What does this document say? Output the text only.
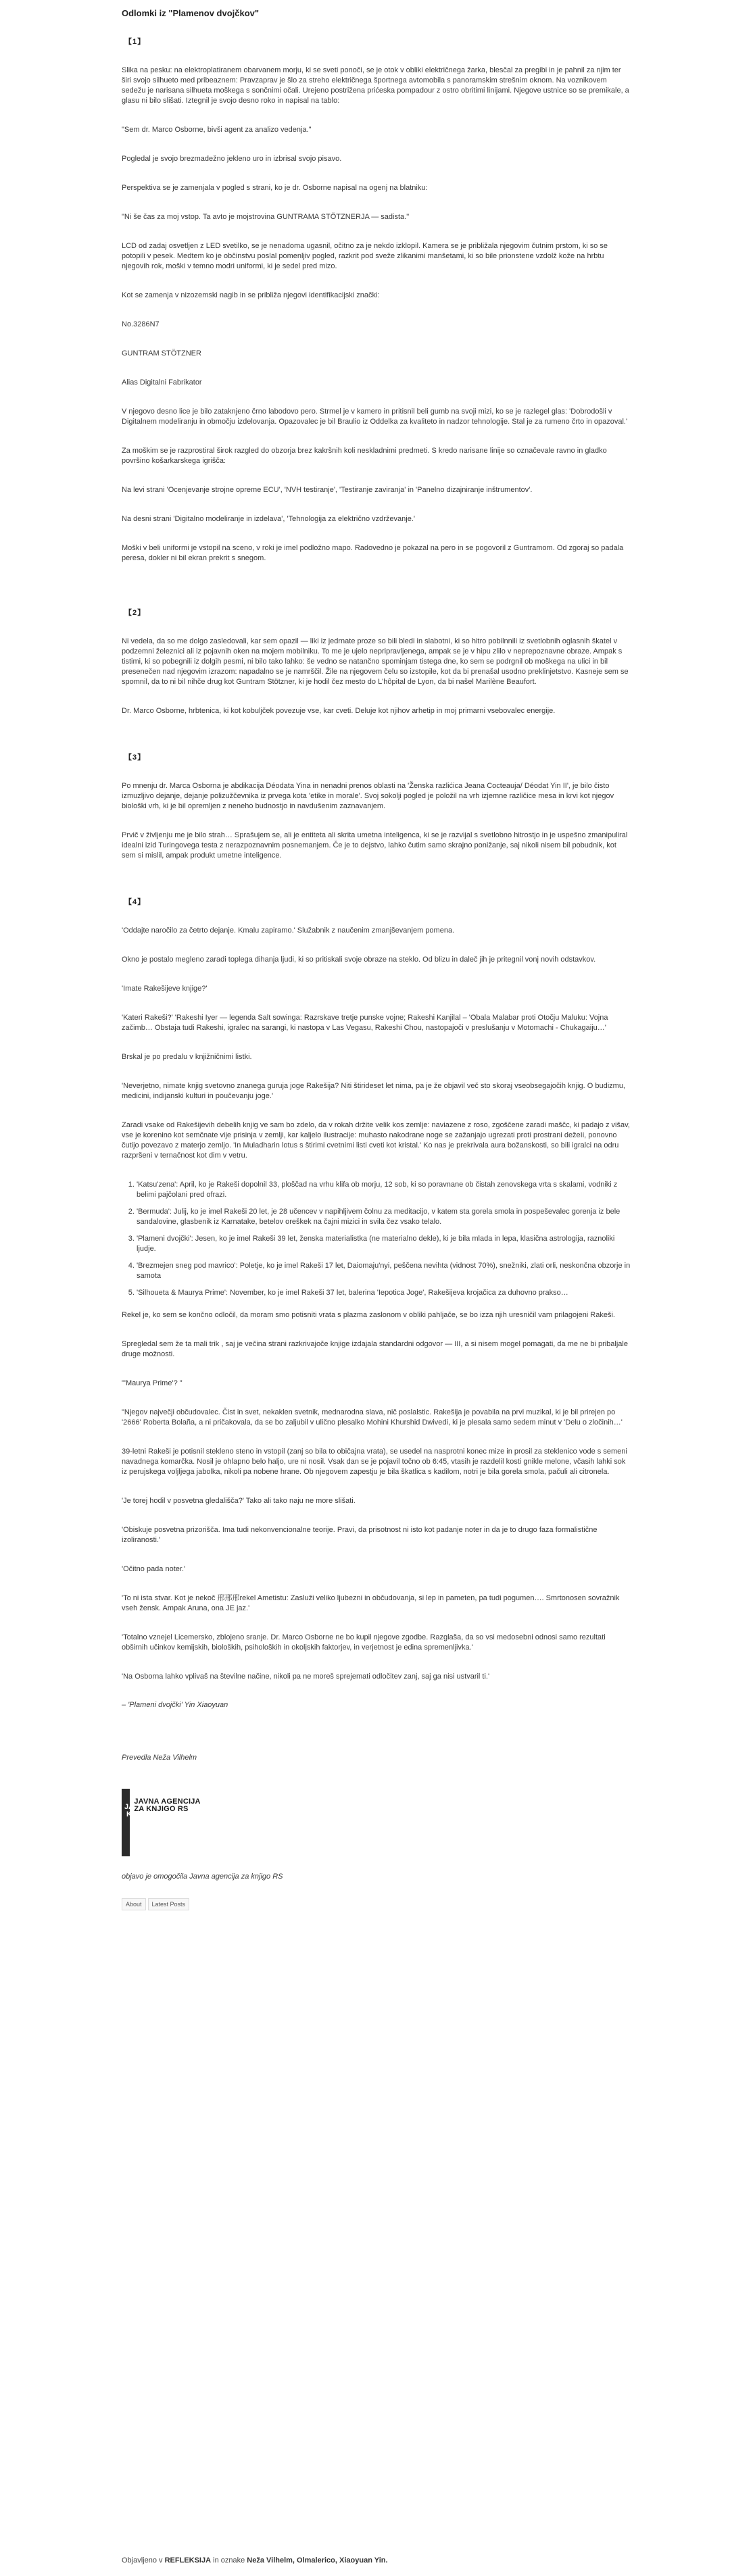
Odlomki iz "Plamenov dvojčkov"
【1】

Slika na pesku: na elektroplatiranem obarvanem morju, ki se sveti ponoči, se je otok v obliki električnega žarka, blesčal za pregibi in je pahnil za njim ter širi svojo silhueto med pribeaznem: Pravzaprav je šlo za streho električnega športnega avtomobila s panoramskim strešnim oknom. Na voznikovem sedežu je narisana silhueta moškega s sončnimi očali. Urejeno postrižena prićeska pompadour z ostro obritimi linijami. Njegove ustnice so se premikale, a glasu ni bilo slišati. Iztegnil je svojo desno roko in napisal na tablo:

"Sem dr. Marco Osborne, bivši agent za analizo vedenja."

Pogledal je svojo brezmadežno jekleno uro in izbrisal svojo pisavo.

Perspektiva se je zamenjala v pogled s strani, ko je dr. Osborne napisal na ogenj na blatniku:

"Ni še čas za moj vstop. Ta avto je mojstrovina GUNTRAMA STÖTZNERJA — sadista."

LCD od zadaj osvetljen z LED svetilko, se je nenadoma ugasnil, očitno za je nekdo izklopil. Kamera se je približala njegovim čutnim prstom, ki so se potopili v pesek. Medtem ko je občinstvu poslal pomenljiv pogled, razkrit pod sveže zlikanimi manšetami, ki so bile prionstene vzdolž kože na hrbtu njegovih rok, moški v temno modri uniformi, ki je sedel pred mizo.

Kot se zamenja v nizozemski nagib in se približa njegovi identifikacijski znački:

No.3286N7

GUNTRAM STÖTZNER

Alias Digitalni Fabrikator

V njegovo desno lice je bilo zataknjeno črno labodovo pero. Strmel je v kamero in pritisnil beli gumb na svoji mizi, ko se je razlegel glas: 'Dobrodošli v Digitalnem modeliranju in območju izdelovanja. Opazovalec je bil Braulio iz Oddelka za kvaliteto in nadzor tehnologije. Stal je za rumeno črto in opazoval.'

Za moškim se je razprostiral širok razgled do obzorja brez kakršnih koli neskladnimi predmeti. S kredo narisane linije so označevale ravno in gladko površino košarkarskega igrišča:

Na levi strani 'Ocenjevanje strojne opreme ECU', 'NVH testiranje', 'Testiranje zaviranja' in 'Panelno dizajniranje inštrumentov'.

Na desni strani 'Digitalno modeliranje in izdelava', 'Tehnologija za električno vzdrževanje.'

Moški v beli uniformi je vstopil na sceno, v roki je imel podložno mapo. Radovedno je pokazal na pero in se pogovoril z Guntramom. Od zgoraj so padala peresa, dokler ni bil ekran prekrit s snegom.

【2】

Ni vedela, da so me dolgo zasledovali, kar sem opazil — liki iz jedrnate proze so bili bledi in slabotni, ki so hitro pobilnnili iz svetlobnih oglasnih škatel v podzemni železnici ali iz pojavnih oken na mojem mobilniku. To me je ujelo nepripravljenega, ampak se je v hipu zlilo v neprepoznavne obraze. Ampak s tistimi, ki so pobegnili iz dolgih pesmi, ni bilo tako lahko: še vedno se natančno spominjam tistega dne, ko sem se podrgnil ob moškega na ulici in bil presenečen nad njegovim izrazom: napadalno se je namrščil. Žile na njegovem čelu so izstopile, kot da bi prenašal usodno preklinjetstvo. Kasneje sem se spomnil, da to ni bil nihče drug kot Guntram Stötzner, ki je hodil čez mesto do L'hôpital de Lyon, da bi našel Marilène Beaufort.

Dr. Marco Osborne, hrbtenica, ki kot kobuljček povezuje vse, kar cveti. Deluje kot njihov arhetip in moj primarni vsebovalec energije.

【3】

Po mnenju dr. Marca Osborna je abdikacija Déodata Yina in nenadni prenos oblasti na 'Ženska razlićica Jeana Cocteauja/ Déodat Yin II', je bilo čisto izmuzljivo dejanje, dejanje polizužčevnika iz prvega kota 'etike in morale'. Svoj sokolji pogled je položil na vrh izjemne različice mesa in krvi kot njegov biološki vrh, ki je bil opremljen z neneho budnostjo in navdušenim zaznavanjem.

Prvič v življenju me je bilo strah… Sprašujem se, ali je entiteta ali skrita umetna inteligenca, ki se je razvijal s svetlobno hitrostjo in je uspešno zmanipuliral idealni izid Turingovega testa z nerazpoznavnim posnemanjem. Če je to dejstvo, lahko čutim samo skrajno ponižanje, saj nikoli nisem bil pobudnik, kot sem si mislil, ampak produkt umetne inteligence.

【4】

'Oddajte naročilo za četrto dejanje. Kmalu zapiramo.' Služabnik z naučenim zmanjševanjem pomena.

Okno je postalo megleno zaradi toplega dihanja ljudi, ki so pritiskali svoje obraze na steklo. Od blizu in daleč jih je pritegnil vonj novih odstavkov.

'Imate Rakešijeve knjige?'

'Kateri Rakeši?' 'Rakeshi Iyer — legenda Salt sowinga: Razrskave tretje punske vojne; Rakeshi Kanjilal – 'Obala Malabar proti Otočju Maluku: Vojna začimb… Obstaja tudi Rakeshi, igralec na sarangi, ki nastopa v Las Vegasu, Rakeshi Chou, nastopajoči v preslušanju v Motomachi - Chukagaiju…'

Brskal je po predalu v knjižničnimi listki.

'Neverjetno, nimate knjig svetovno znanega guruja joge Rakešija? Niti štirideset let nima, pa je že objavil več sto skoraj vseobsegajočih knjig. O budizmu, medicini, indijanski kulturi in poučevanju joge.'

Zaradi vsake od Rakešijevih debelih knjig ve sam bo zdelo, da v rokah držite velik kos zemlje: naviazene z roso, zgoščene zaradi maščc, ki padajo z višav, vse je koreninо kot semčnate vije prisinja v zemlji, kar kaljelo ilustracije: muhasto nakodrane noge se zažanjajo ugrezati proti prostrani dežeIi, ponovno čutijo povezavo z materjo zemljo. 'In Muladharin lotus s štirimi cvetnimi listi cveti kot kristal.' Ko nas je prekrivala aura božanskosti, so bili igralci na odru razpršeni v ternačnost kot dim v vetru.

1. 'Katsu'zena': April, ko je Rakeši dopolnil 33, ploščad na vrhu klifa ob morju, 12 sob, ki so poravnane ob čistah zenovskega vrta s skalami, vodniki z belimi pajčolani pred ofrazi.
2. 'Bermuda': Julij, ko je imel Rakeši 20 let, je 28 učencev v napihljivem čolnu za meditacijo, v katem sta gorela smola in pospeševalec gorenja iz bele sandalovine, glasbenik iz Karnatake, betelov oreškek na čajni mizici in svila čez vsako telalo.
3. 'Plameni dvojčki': Jesen, ko je imel Rakeši 39 let, ženska materialistka (ne materialno dekle), ki je bila mlada in lepa, klasična astrologija, raznoliki ljudje.
4. 'Brezmejen sneg pod mavrico': Poletje, ko je imel Rakeši 17 let, Daiomaju'nyi, peščena nevihta (vidnost 70%), snežniki, zlati orli, neskončna obzorje in samota
5. 'Silhoueta & Maurya Prime': November, ko je imel Rakeši 37 let, balerina 'Iepotica Joge', Rakešijeva krojačica za duhovno prakso…

Rekel je, ko sem se končno odločil, da moram smo potisniti vrata s plazma zaslonom v obliki pahljače, se bo izza njih uresničil vam prilagojeni Rakeši.

Spregledal sem že ta mali trik , saj je večina strani razkrivajoče knjige izdajala standardni odgovor — III, a si nisem mogel pomagati, da me ne bi pribaljale druge možnosti.

"'Maurya Prime'? "

"Njegov največji občudovalec. Čist in svet, nekaklen svetnik, mednarodna slava, nič poslalstic. Rakešija je povabila na prvi muzikal, ki je bil prirejen po '2666' Roberta Bolaña, a ni pričakovala, da se bo zaljubil v uličnо plesalko Mohini Khurshid Dwivedi, ki je plesala samo sedem minut v 'Delu o zločinih…'

39-letni Rakeši je potisnil stekleno steno in vstopil (zanj so bila to običajna vrata), se usedel na nasprotni konec mize in prosil za steklenico vode s semeni navadnega komarčka. Nosil je ohlapno belo haljo, ure ni nosil. Vsak dan se je pojavil točno ob 6:45, vtasih je razdelil kosti gnikle melone, včasih lahki sok iz perujskega voljljega jabolka, nikoli pa nobene hrane. Ob njegovem zapestju je bila škatlica s kadilom, notri je bila gorela smola, pačuli ali citronela.

'Je torej hodil v posvetna gledališča?' Tako ali tako naju ne more slišati.

'Obiskuje posvetna prizorišča. Ima tudi nekonvencionalne teorije. Pravi, da prisotnost ni isto kot padanje noter in da je to drugo faza formalističnе izoliranosti.'

'Očitno pada noter.'

'To ni ista stvar. Kot je nekoč 邢邢邢rekel Ametistu: Zasluži veliko ljubezni in občudovanja, si lep in pameten, pa tudi pogumen…. Smrtonosen sovražnik vseh žensk. Ampak Aruna, ona JE jaz.'

'Totalno vznejel Licemersko, zblojeno sranje. Dr. Marco Osborne ne bo kupil njegove zgodbe. Razglaša, da so vsi medosebni odnosi samo rezultati obširnih učinkov kemijskih, bioloških, psiholoških in okoljskih faktorjev, in verjetnost je edina spremenljivka.'

'Na Osborna lahko vplivaš na številne načine, nikoli pa ne moreš sprejemati odločitev zanj, saj ga nisi ustvaril ti.'

– 'Plameni dvojčki' Yin Xiaoyuan
Prevedla Neža Vilhelm
JAK
JAVNA AGENCIJA ZA KNJIGO RS
objavo je omogočila Javna agencija za knjigo RS
About	Latest Posts
Objavljeno v REFLEKSIJA in oznake Neža Vilhelm, Olmalerico, Xiaoyuan Yin.
